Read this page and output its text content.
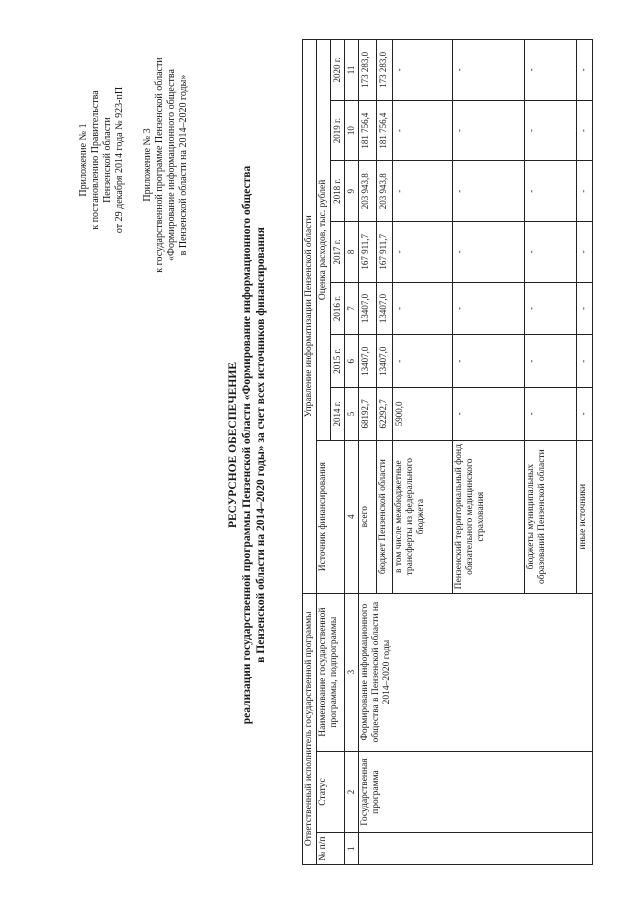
Приложение № 1 к постановлению Правительства Пензенской области от 29 декабря 2014 года № 923-пП Приложение № 3 к государственной программе Пензенской области «Формирование информационного общества в Пензенской области на 2014–2020 годы»
РЕСУРСНОЕ ОБЕСПЕЧЕНИЕ реализации государственной программы Пензенской области «Формирование информационного общества в Пензенской области на 2014–2020 годы» за счет всех источников финансирования
Ответственный исполнитель государственной программы			Управление информатизации Пензенской области							
№ п/п	Статус	Наименование государственной программы, подпрограммы	Источник финансирования	Оценка расходов, тыс. рублей						
				2014 г.	2015 г.	2016 г.	2017 г.	2018 г.	2019 г.	2020 г.
1	2	3	4	5	6	7	8	9	10	11
	Государственная программа	Формирование информационного общества в Пензенской области на 2014–2020 годы	всего	68192,7	13407,0	13407,0	167 911,7	203 943,8	181 756,4	173 283,0
			бюджет Пензенской области	62292,7	13407,0	13407,0	167 911,7	203 943,8	181 756,4	173 283,0
			в том числе межбюджетные трансферты из федерального бюджета	5900,0	-	-	-	-	-	-
			Пензенский территориальный фонд обязательного медицинского страхования	-	-	-	-	-	-	-
			бюджеты муниципальных образований Пензенской области	-	-	-	-	-	-	-
			иные источники	-	-	-	-	-	-	-
